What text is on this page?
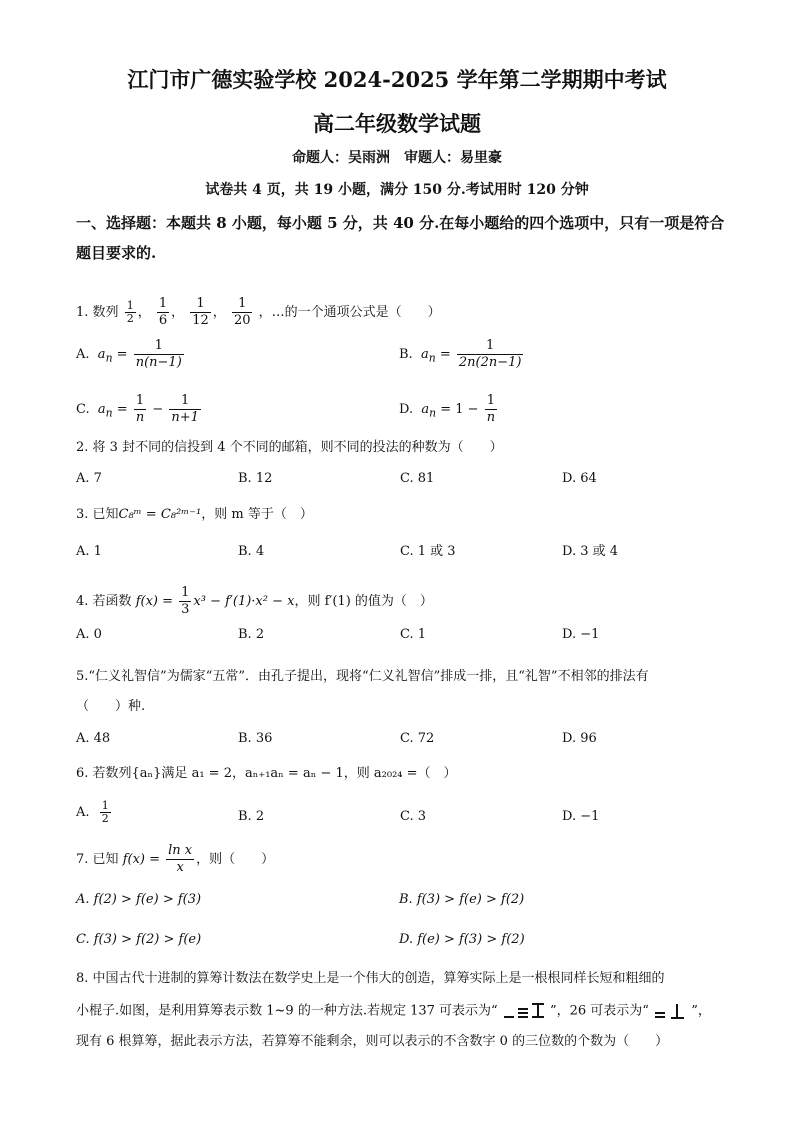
江门市广德实验学校 2024-2025 学年第二学期期中考试
高二年级数学试题
命题人：吴雨洲　审题人：易里豪
试卷共 4 页，共 19 小题，满分 150 分.考试用时 120 分钟
一、选择题：本题共 8 小题，每小题 5 分，共 40 分.在每小题给的四个选项中，只有一项是符合题目要求的.
1. 数列 $\frac{1}{2}$ ， $\frac{1}{6}$ ， $\frac{1}{12}$ ， $\frac{1}{20}$ ，…的一个通项公式是（　　）
A. $a_n = \frac{1}{n(n-1)}$	B. $a_n = \frac{1}{2n(2n-1)}$
C. $a_n = \frac{1}{n} - \frac{1}{n+1}$	D. $a_n = 1 - \frac{1}{n}$
2. 将 3 封不同的信投到 4 个不同的邮箱，则不同的投法的种数为（　　）
A. 7	B. 12	C. 81	D. 64
3. 已知C₈ᵐ = C₈²ᵐ⁻¹，则 m 等于（　）
A. 1	B. 4	C. 1 或 3	D. 3 或 4
4. 若函数 $f(x) = \frac{1}{3} x^3 - f'(1)\cdot x^2 - x$，则 f′(1) 的值为（　）
A. 0	B. 2	C. 1	D. −1
5.“仁义礼智信”为儒家“五常”．由孔子提出，现将“仁义礼智信”排成一排，且“礼智”不相邻的排法有
（　　）种.
A. 48	B. 36	C. 72	D. 96
6. 若数列{aₙ}满足 a₁ = 2，aₙ₊₁aₙ = aₙ − 1，则 a₂₀₂₄ =（　）
A. $\frac{1}{2}$	B. 2	C. 3	D. −1
7. 已知 $f(x) = \frac{\text{ln x}}{x}$ ，则（　　）
A. f(2) > f(e) > f(3)	B. f(3) > f(e) > f(2)
C. f(3) > f(2) > f(e)	D. f(e) > f(3) > f(2)
8. 中国古代十进制的算筹计数法在数学史上是一个伟大的创造，算筹实际上是一根根同样长短和粗细的
小棍子.如图，是利用算筹表示数 1~9 的一种方法.若规定 137 可表示为“	”，26 可表示为“	”，
现有 6 根算筹，据此表示方法，若算筹不能剩余，则可以表示的不含数字 0 的三位数的个数为（　　）
